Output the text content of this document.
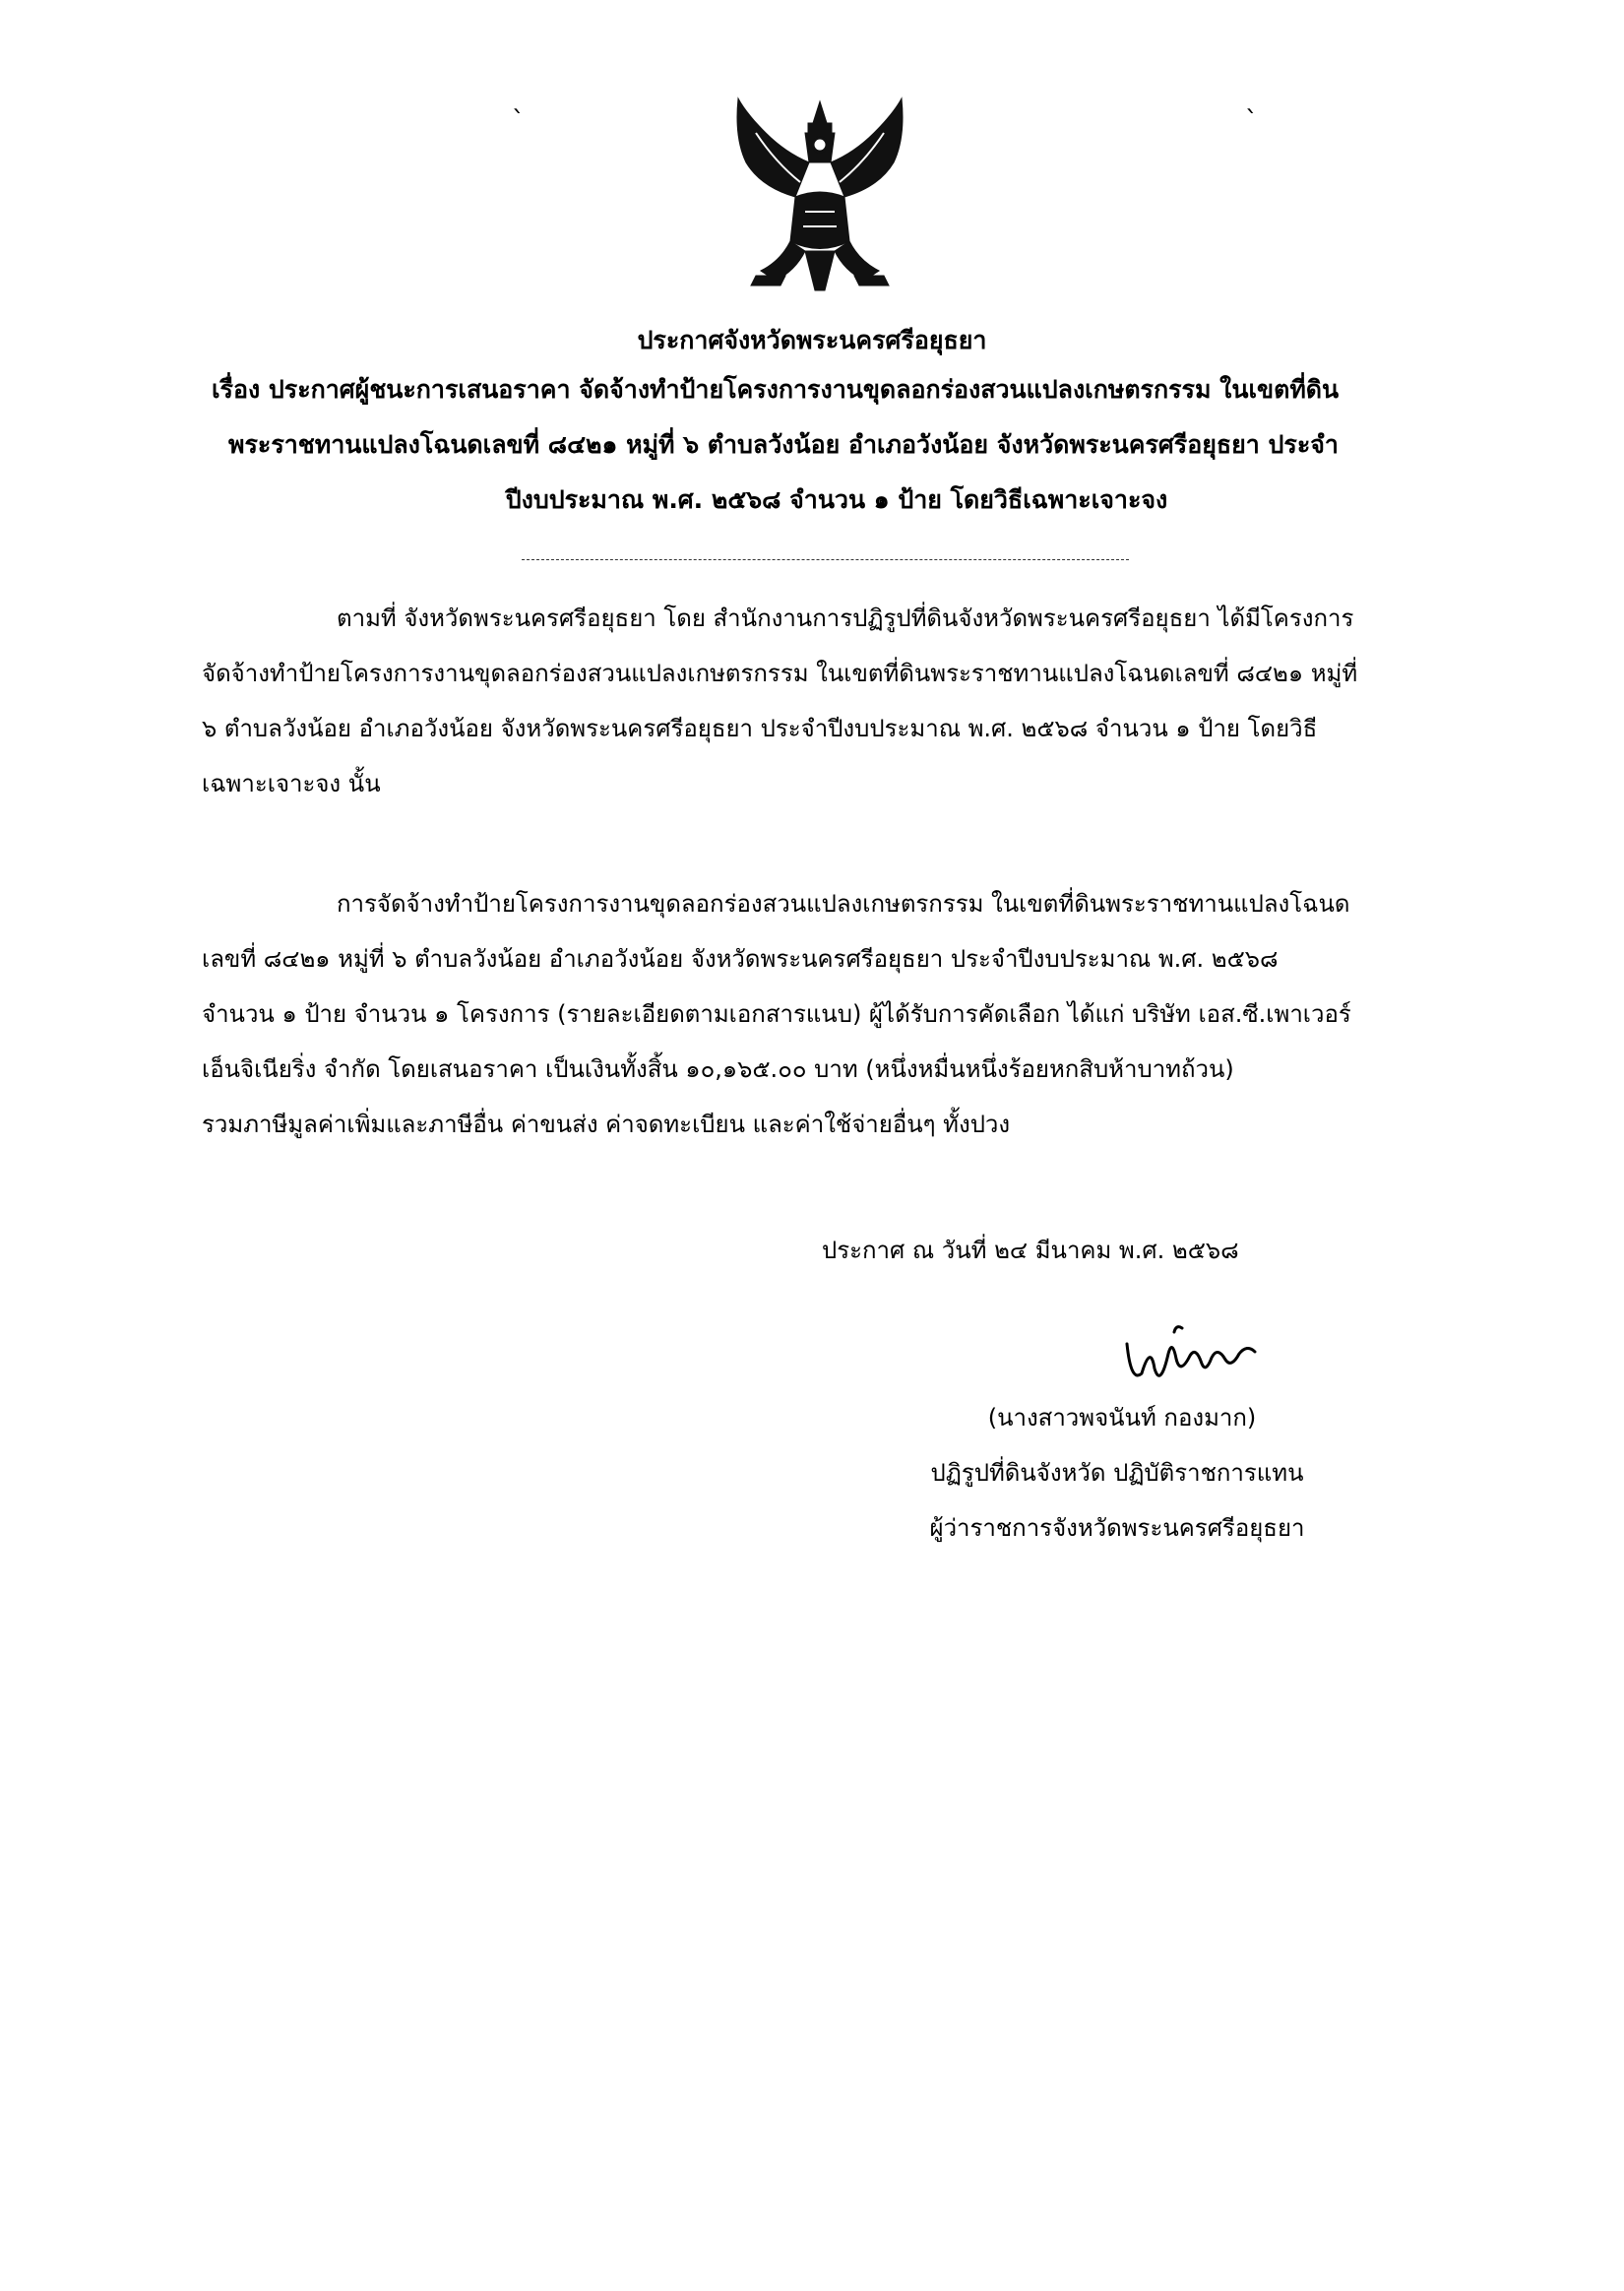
ˎ	ˎ
ประกาศจังหวัดพระนครศรีอยุธยา
เรื่อง ประกาศผู้ชนะการเสนอราคา จัดจ้างทำป้ายโครงการงานขุดลอกร่องสวนแปลงเกษตรกรรม ในเขตที่ดิน
พระราชทานแปลงโฉนดเลขที่ ๘๔๒๑ หมู่ที่ ๖ ตำบลวังน้อย อำเภอวังน้อย จังหวัดพระนครศรีอยุธยา ประจำ
ปีงบประมาณ พ.ศ. ๒๕๖๘ จำนวน ๑ ป้าย โดยวิธีเฉพาะเจาะจง
ตามที่ จังหวัดพระนครศรีอยุธยา โดย สำนักงานการปฏิรูปที่ดินจังหวัดพระนครศรีอยุธยา ได้มีโครงการ
จัดจ้างทำป้ายโครงการงานขุดลอกร่องสวนแปลงเกษตรกรรม ในเขตที่ดินพระราชทานแปลงโฉนดเลขที่ ๘๔๒๑ หมู่ที่
๖ ตำบลวังน้อย อำเภอวังน้อย จังหวัดพระนครศรีอยุธยา ประจำปีงบประมาณ พ.ศ. ๒๕๖๘ จำนวน ๑ ป้าย โดยวิธี
เฉพาะเจาะจง นั้น
การจัดจ้างทำป้ายโครงการงานขุดลอกร่องสวนแปลงเกษตรกรรม ในเขตที่ดินพระราชทานแปลงโฉนด
เลขที่ ๘๔๒๑ หมู่ที่ ๖ ตำบลวังน้อย อำเภอวังน้อย จังหวัดพระนครศรีอยุธยา ประจำปีงบประมาณ พ.ศ. ๒๕๖๘
จำนวน ๑ ป้าย จำนวน ๑ โครงการ (รายละเอียดตามเอกสารแนบ) ผู้ได้รับการคัดเลือก ได้แก่ บริษัท เอส.ซี.เพาเวอร์
เอ็นจิเนียริ่ง จำกัด โดยเสนอราคา เป็นเงินทั้งสิ้น ๑๐,๑๖๕.๐๐ บาท (หนึ่งหมื่นหนึ่งร้อยหกสิบห้าบาทถ้วน)
รวมภาษีมูลค่าเพิ่มและภาษีอื่น ค่าขนส่ง ค่าจดทะเบียน และค่าใช้จ่ายอื่นๆ ทั้งปวง
ประกาศ ณ วันที่ ๒๔ มีนาคม พ.ศ. ๒๕๖๘
(นางสาวพจนันท์ กองมาก)
ปฏิรูปที่ดินจังหวัด ปฏิบัติราชการแทน
ผู้ว่าราชการจังหวัดพระนครศรีอยุธยา
